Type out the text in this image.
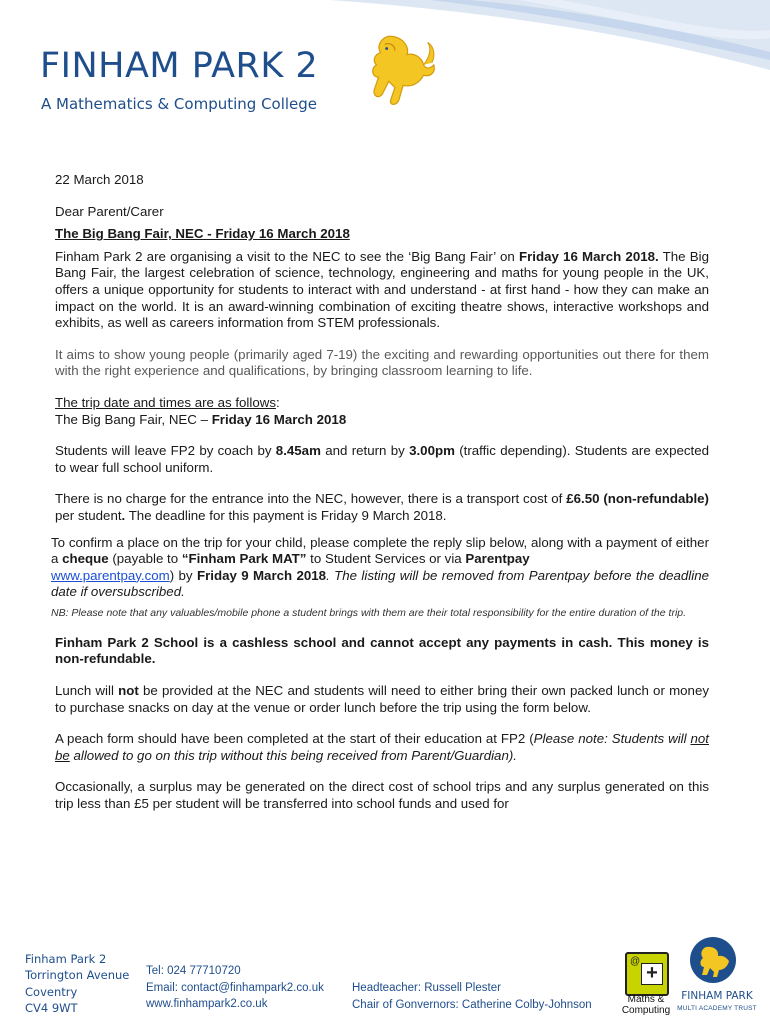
FINHAM PARK 2
A Mathematics & Computing College

22 March 2018

Dear Parent/Carer

The Big Bang Fair, NEC - Friday 16 March 2018

Finham Park 2 are organising a visit to the NEC to see the ‘Big Bang Fair’ on Friday 16 March 2018. The Big Bang Fair, the largest celebration of science, technology, engineering and maths for young people in the UK, offers a unique opportunity for students to interact with and understand - at first hand - how they can make an impact on the world. It is an award-winning combination of exciting theatre shows, interactive workshops and exhibits, as well as careers information from STEM professionals.

It aims to show young people (primarily aged 7-19) the exciting and rewarding opportunities out there for them with the right experience and qualifications, by bringing classroom learning to life.

The trip date and times are as follows:
The Big Bang Fair, NEC – Friday 16 March 2018

Students will leave FP2 by coach by 8.45am and return by 3.00pm (traffic depending). Students are expected to wear full school uniform.

There is no charge for the entrance into the NEC, however, there is a transport cost of £6.50 (non-refundable) per student. The deadline for this payment is Friday 9 March 2018.

To confirm a place on the trip for your child, please complete the reply slip below, along with a payment of either a cheque (payable to “Finham Park MAT” to Student Services or via Parentpay
www.parentpay.com) by Friday 9 March 2018. The listing will be removed from Parentpay before the deadline date if oversubscribed.

NB: Please note that any valuables/mobile phone a student brings with them are their total responsibility for the entire duration of the trip.

Finham Park 2 School is a cashless school and cannot accept any payments in cash. This money is non-refundable.

Lunch will not be provided at the NEC and students will need to either bring their own packed lunch or money to purchase snacks on day at the venue or order lunch before the trip using the form below.

A peach form should have been completed at the start of their education at FP2 (Please note: Students will not be allowed to go on this trip without this being received from Parent/Guardian).

Occasionally, a surplus may be generated on the direct cost of school trips and any surplus generated on this trip less than £5 per student will be transferred into school funds and used for

Finham Park 2
Torrington Avenue
Coventry
CV4 9WT
Tel: 024 77710720
Email: contact@finhampark2.co.uk
www.finhampark2.co.uk
Headteacher: Russell Plester
Chair of Gonvernors: Catherine Colby-Johnson
@
+
Maths & Computing
FINHAM PARK
MULTI ACADEMY TRUST
